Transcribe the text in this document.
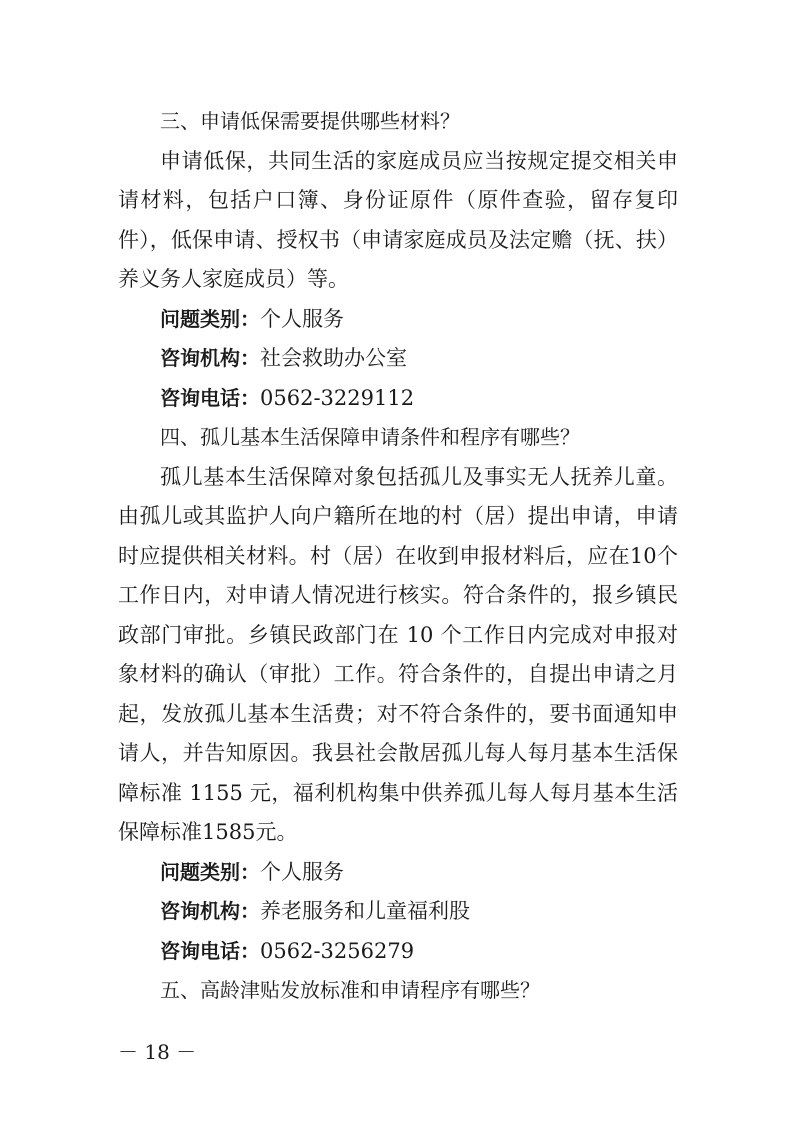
三、申请低保需要提供哪些材料？

申请低保，共同生活的家庭成员应当按规定提交相关申请材料，包括户口簿、身份证原件（原件查验，留存复印件），低保申请、授权书（申请家庭成员及法定赡（抚、扶）养义务人家庭成员）等。

问题类别：个人服务
咨询机构：社会救助办公室
咨询电话：0562-3229112
四、孤儿基本生活保障申请条件和程序有哪些？

孤儿基本生活保障对象包括孤儿及事实无人抚养儿童。由孤儿或其监护人向户籍所在地的村（居）提出申请，申请时应提供相关材料。村（居）在收到申报材料后，应在10个工作日内，对申请人情况进行核实。符合条件的，报乡镇民政部门审批。乡镇民政部门在 10 个工作日内完成对申报对象材料的确认（审批）工作。符合条件的，自提出申请之月起，发放孤儿基本生活费；对不符合条件的，要书面通知申请人，并告知原因。我县社会散居孤儿每人每月基本生活保障标准 1155 元，福利机构集中供养孤儿每人每月基本生活保障标准1585元。

问题类别：个人服务
咨询机构：养老服务和儿童福利股
咨询电话：0562-3256279
五、高龄津贴发放标准和申请程序有哪些？
－ 18 －
